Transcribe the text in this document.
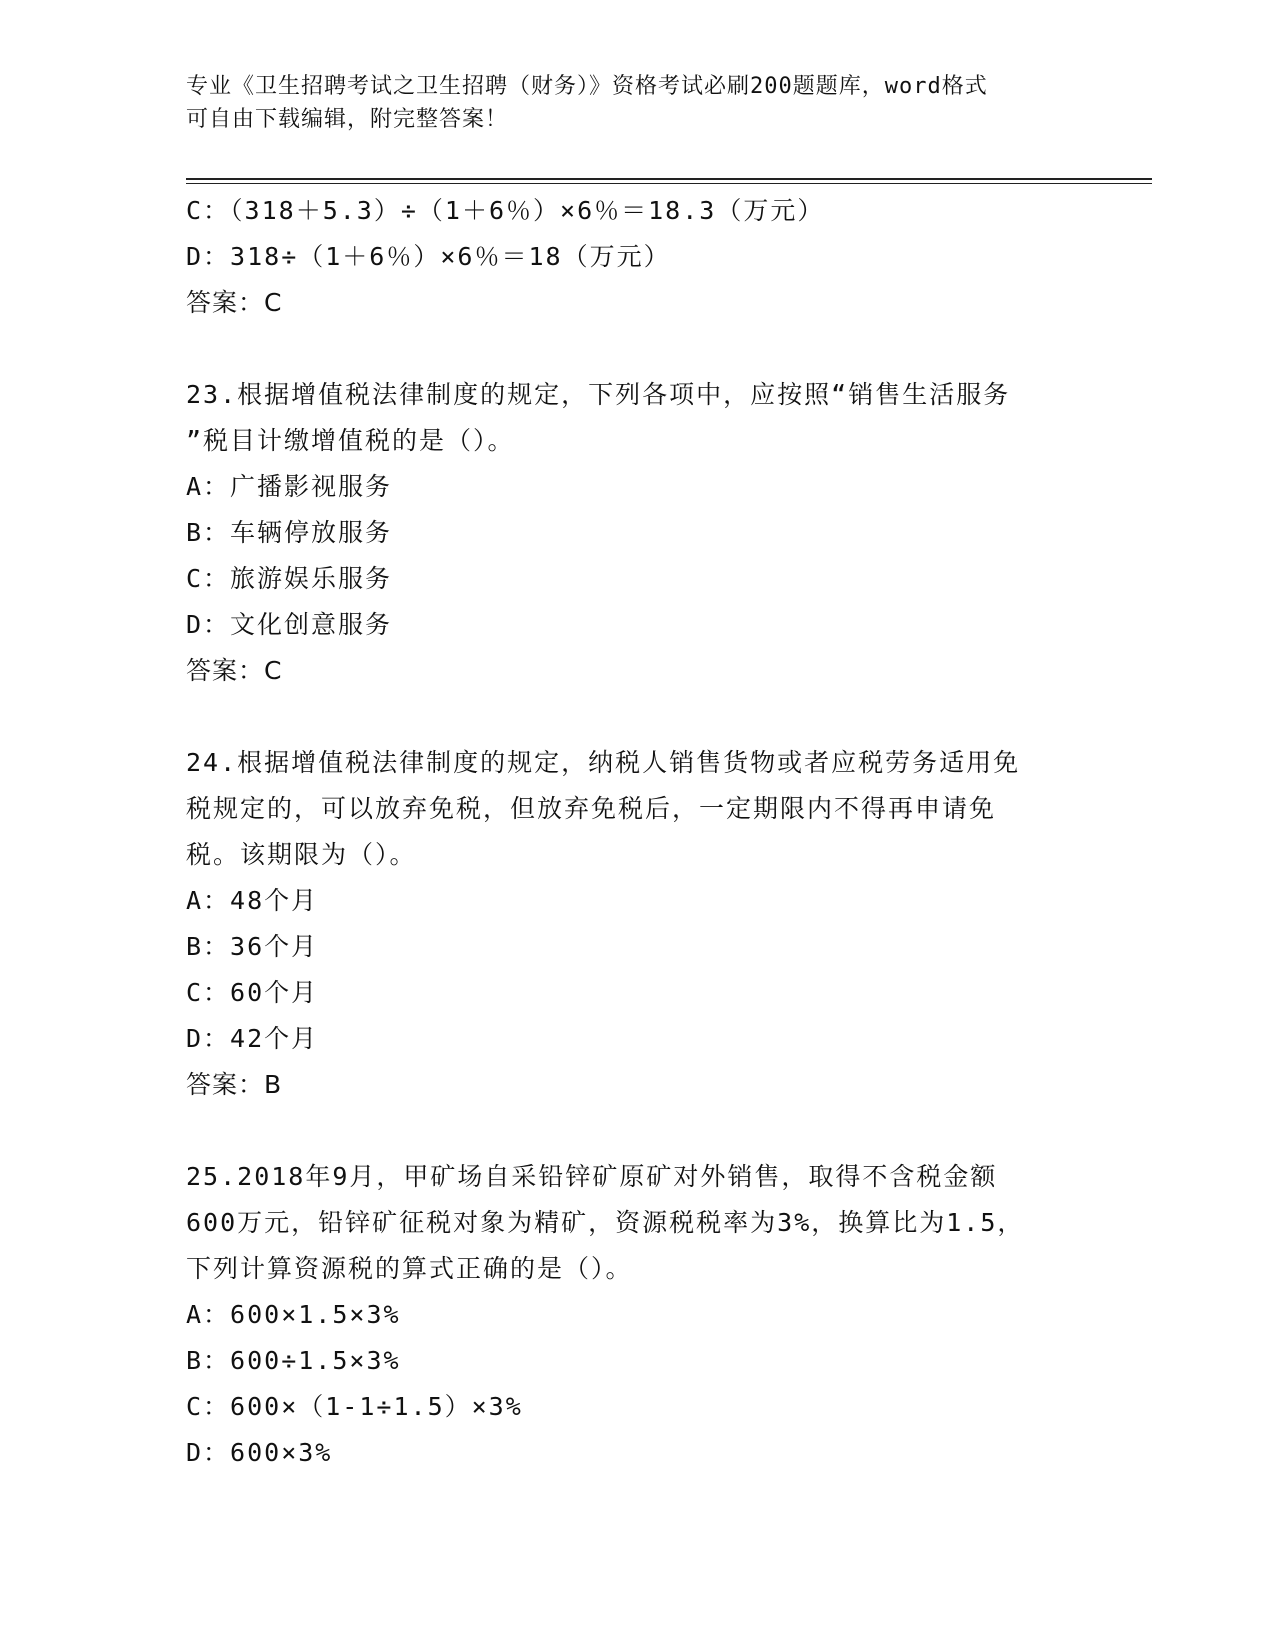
专业《卫生招聘考试之卫生招聘（财务）》资格考试必刷200题题库，word格式
可自由下载编辑，附完整答案！
C：（318＋5.3）÷（1＋6％）×6％＝18.3（万元）
D：318÷（1＋6％）×6％＝18（万元）
答案：C
23.根据增值税法律制度的规定，下列各项中，应按照“销售生活服务
”税目计缴增值税的是（）。
A：广播影视服务
B：车辆停放服务
C：旅游娱乐服务
D：文化创意服务
答案：C
24.根据增值税法律制度的规定，纳税人销售货物或者应税劳务适用免
税规定的，可以放弃免税，但放弃免税后，一定期限内不得再申请免
税。该期限为（）。
A：48个月
B：36个月
C：60个月
D：42个月
答案：B
25.2018年9月，甲矿场自采铅锌矿原矿对外销售，取得不含税金额
600万元，铅锌矿征税对象为精矿，资源税税率为3%，换算比为1.5，
下列计算资源税的算式正确的是（）。
A：600×1.5×3%
B：600÷1.5×3%
C：600×（1-1÷1.5）×3%
D：600×3%
